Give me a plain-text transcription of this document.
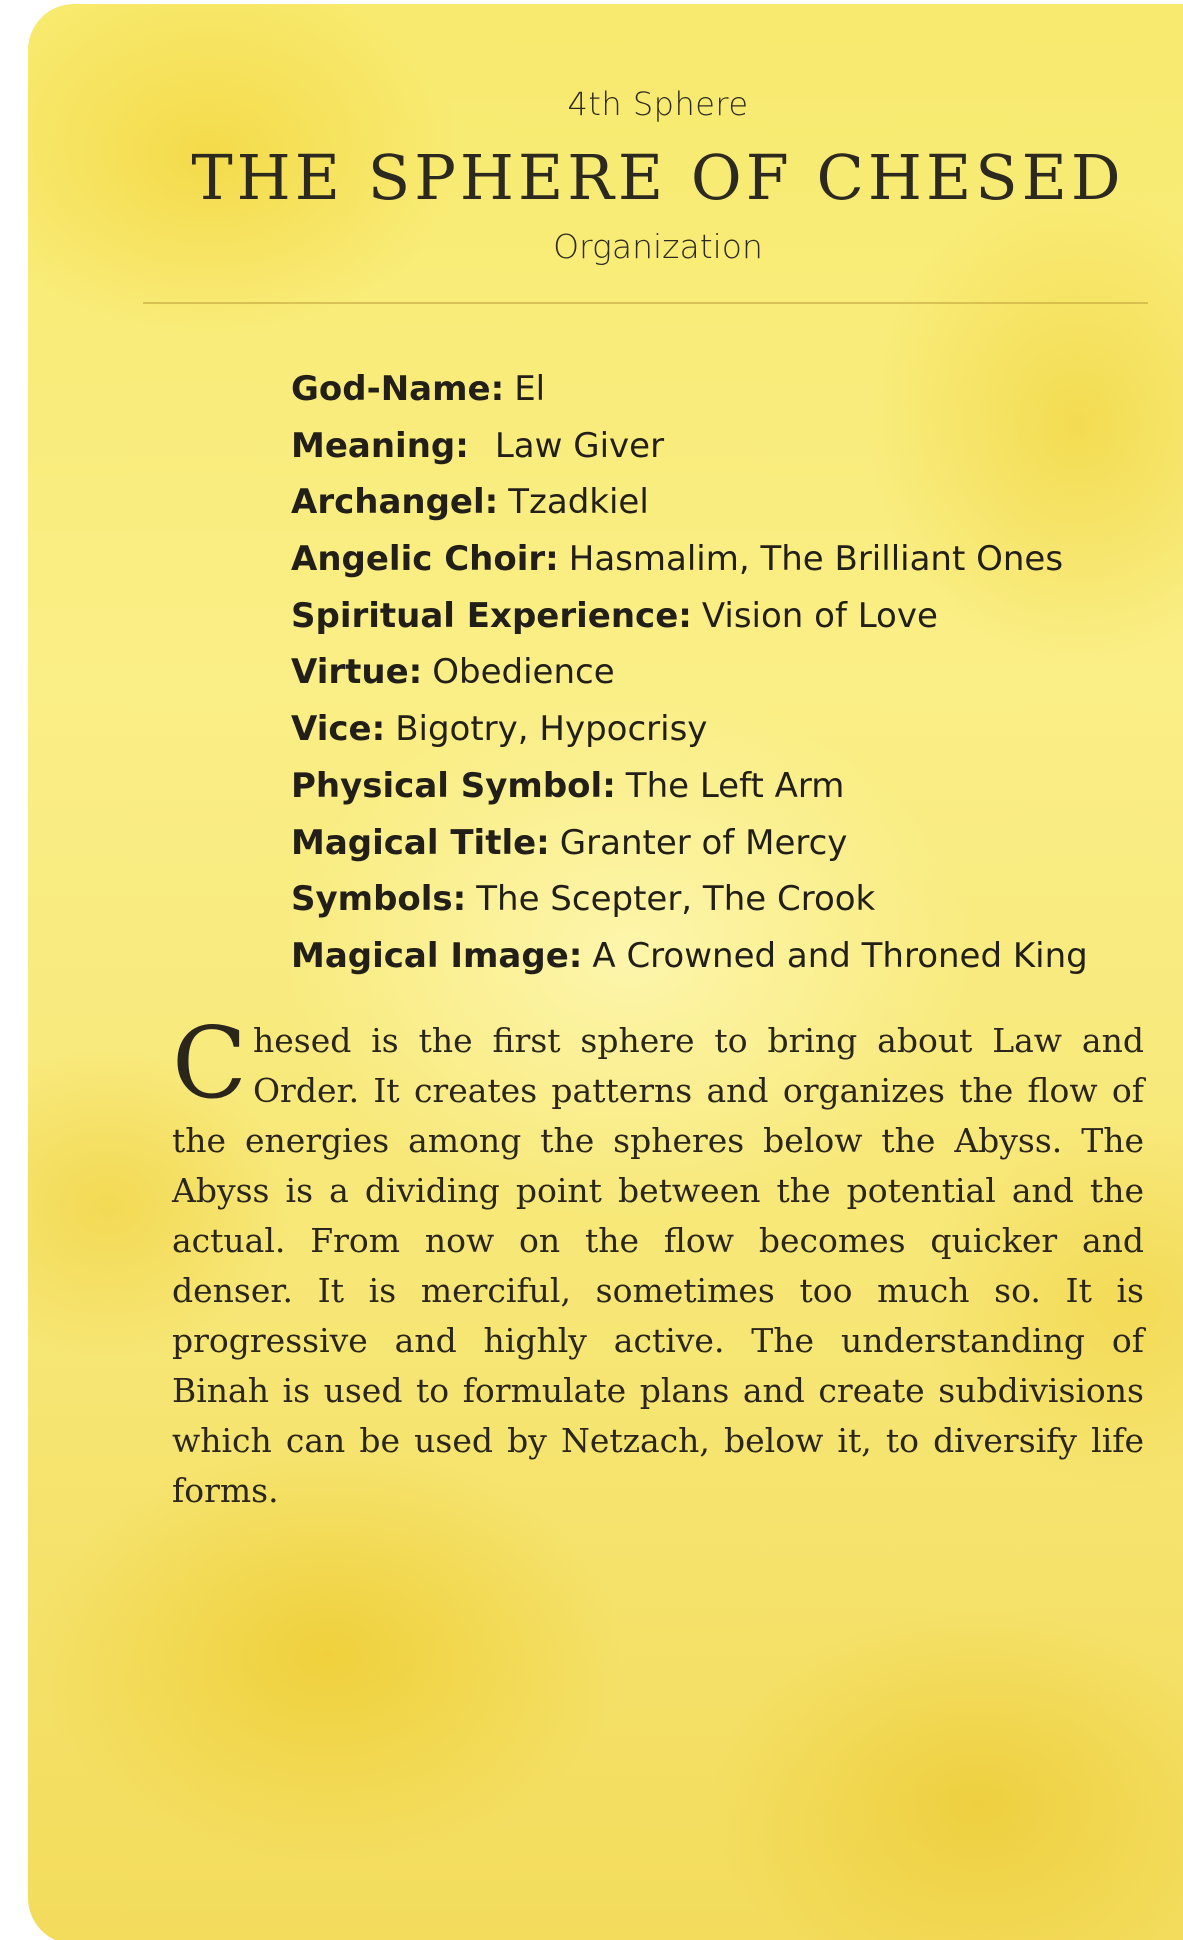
4th Sphere
THE SPHERE OF CHESED
Organization
God-Name: El
Meaning: Law Giver
Archangel: Tzadkiel
Angelic Choir: Hasmalim, The Brilliant Ones
Spiritual Experience: Vision of Love
Virtue: Obedience
Vice: Bigotry, Hypocrisy
Physical Symbol: The Left Arm
Magical Title: Granter of Mercy
Symbols: The Scepter, The Crook
Magical Image: A Crowned and Throned King

Chesed is the first sphere to bring about Law and Order. It creates patterns and organizes the flow of the energies among the spheres below the Abyss. The Abyss is a dividing point between the potential and the actual. From now on the flow becomes quicker and denser. It is merciful, sometimes too much so. It is progressive and highly active. The understanding of Binah is used to formulate plans and create subdivisions which can be used by Netzach, below it, to diversify life forms.
